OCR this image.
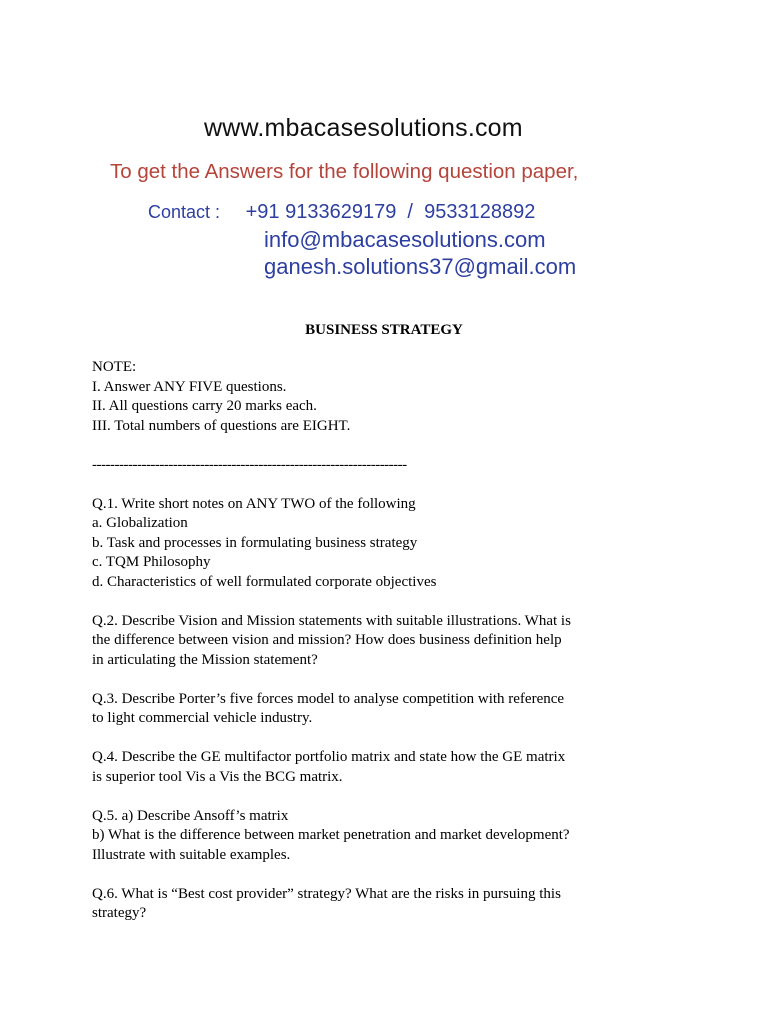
www.mbacasesolutions.com
To get the Answers for the following question paper,
Contact : +91 9133629179  /  9533128892
info@mbacasesolutions.com
ganesh.solutions37@gmail.com
BUSINESS STRATEGY

NOTE:

I. Answer ANY FIVE questions.

II. All questions carry 20 marks each.

III. Total numbers of questions are EIGHT.

----------------------------------------------------------------------

Q.1. Write short notes on ANY TWO of the following

a. Globalization

b. Task and processes in formulating business strategy

c. TQM Philosophy

d. Characteristics of well formulated corporate objectives

Q.2. Describe Vision and Mission statements with suitable illustrations. What is

the difference between vision and mission? How does business definition help

in articulating the Mission statement?

Q.3. Describe Porter’s five forces model to analyse competition with reference

to light commercial vehicle industry.

Q.4. Describe the GE multifactor portfolio matrix and state how the GE matrix

is superior tool Vis a Vis the BCG matrix.

Q.5. a) Describe Ansoff’s matrix

b) What is the difference between market penetration and market development?

Illustrate with suitable examples.

Q.6. What is “Best cost provider” strategy? What are the risks in pursuing this

strategy?
